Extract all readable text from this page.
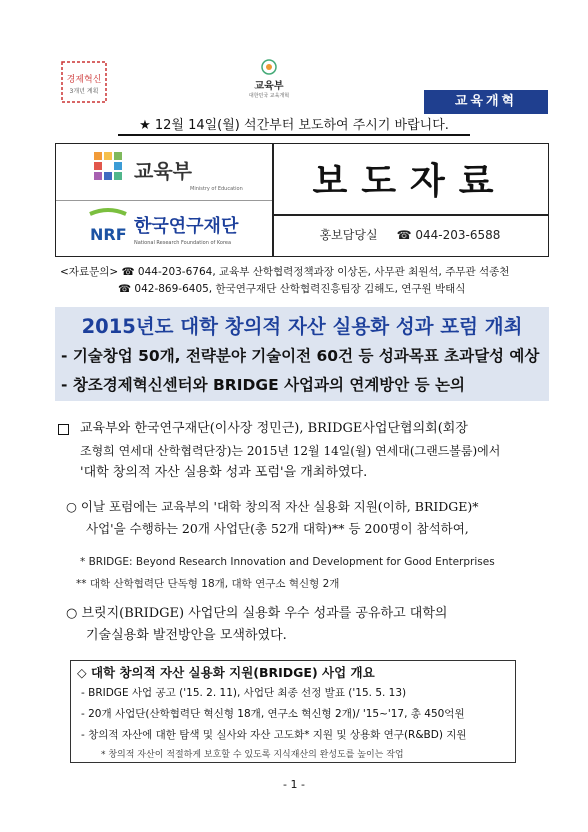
경제혁신
3개년 계획	교육부
대한민국 교육개혁	교육개혁
★ 12월 14일(월) 석간부터 보도하여 주시기 바랍니다.
교육부
Ministry of Education
NRF 한국연구재단
National Research Foundation of Korea
보도자료
홍보담당실 ☎ 044-203-6588
<자료문의> ☎ 044-203-6764, 교육부 산학협력정책과장 이상돈, 사무관 최원석, 주무관 석종천
☎ 042-869-6405, 한국연구재단 산학협력진흥팀장 김해도, 연구원 박태식
2015년도 대학 창의적 자산 실용화 성과 포럼 개최
- 기술창업 50개, 전략분야 기술이전 60건 등 성과목표 초과달성 예상
- 창조경제혁신센터와 BRIDGE 사업과의 연계방안 등 논의
교육부와 한국연구재단(이사장 정민근), BRIDGE사업단협의회(회장
조형희 연세대 산학협력단장)는 2015년 12월 14일(월) 연세대(그랜드볼룸)에서
'대학 창의적 자산 실용화 성과 포럼'을 개최하였다.
○ 이날 포럼에는 교육부의 '대학 창의적 자산 실용화 지원(이하, BRIDGE)*
사업'을 수행하는 20개 사업단(총 52개 대학)** 등 200명이 참석하여,
* BRIDGE: Beyond Research Innovation and Development for Good Enterprises
** 대학 산학협력단 단독형 18개, 대학 연구소 혁신형 2개
○ 브릿지(BRIDGE) 사업단의 실용화 우수 성과를 공유하고 대학의
기술실용화 발전방안을 모색하였다.
◇ 대학 창의적 자산 실용화 지원(BRIDGE) 사업 개요
- BRIDGE 사업 공고 ('15. 2. 11), 사업단 최종 선정 발표 ('15. 5. 13)
- 20개 사업단(산학협력단 혁신형 18개, 연구소 혁신형 2개)/ '15~'17, 총 450억원
- 창의적 자산에 대한 탐색 및 실사와 자산 고도화* 지원 및 상용화 연구(R&BD) 지원
* 창의적 자산이 적절하게 보호할 수 있도록 지식재산의 완성도를 높이는 작업
- 1 -
